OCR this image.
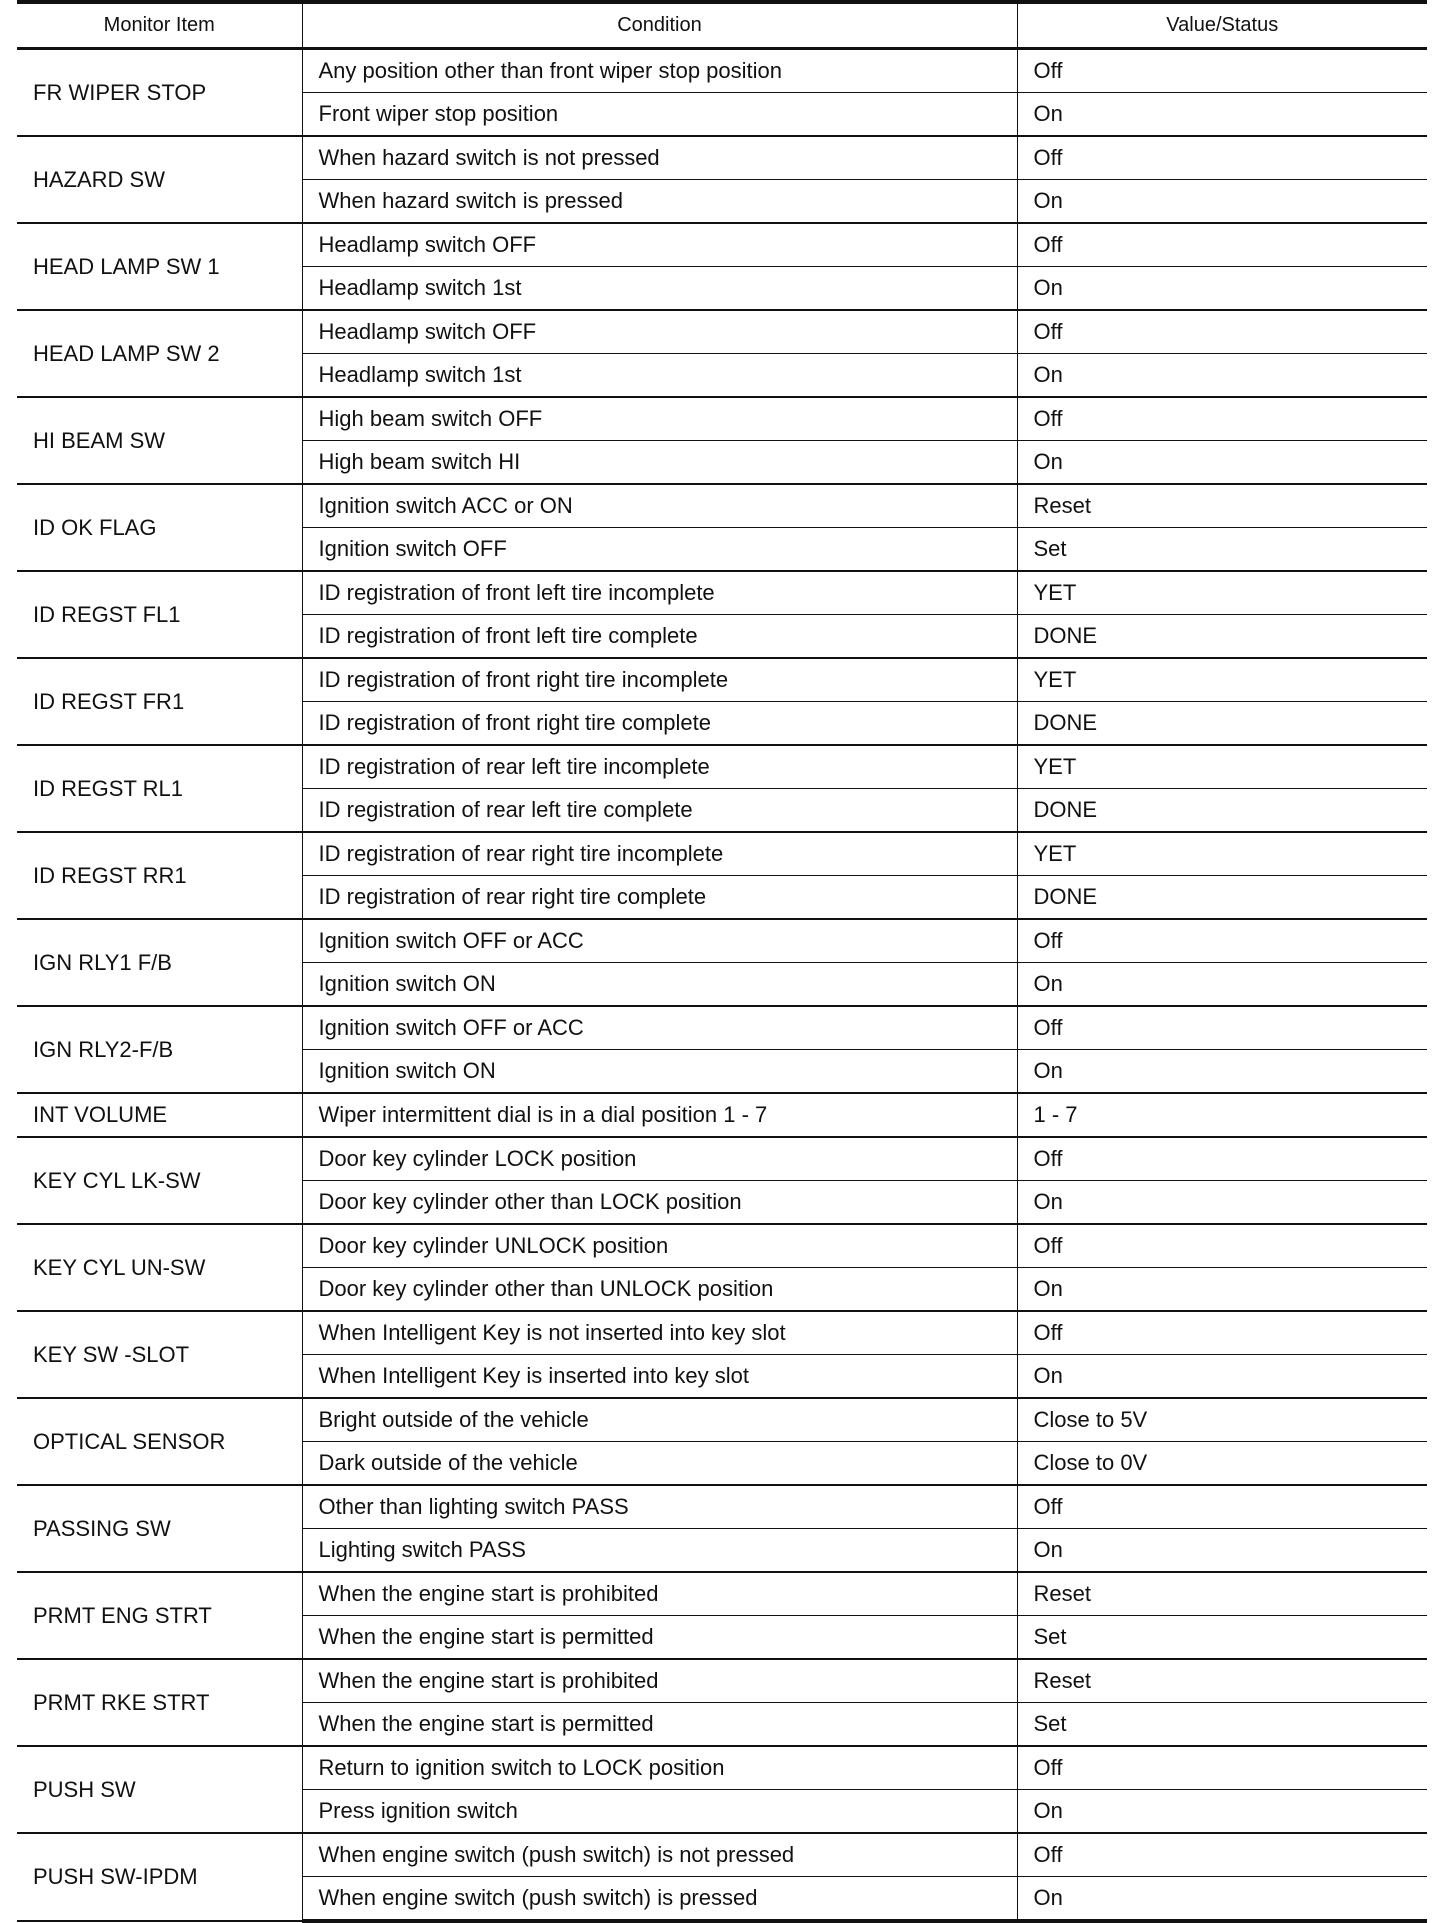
Monitor Item	Condition	Value/Status
FR WIPER STOP	Any position other than front wiper stop position	Off
	Front wiper stop position	On
HAZARD SW	When hazard switch is not pressed	Off
	When hazard switch is pressed	On
HEAD LAMP SW 1	Headlamp switch OFF	Off
	Headlamp switch 1st	On
HEAD LAMP SW 2	Headlamp switch OFF	Off
	Headlamp switch 1st	On
HI BEAM SW	High beam switch OFF	Off
	High beam switch HI	On
ID OK FLAG	Ignition switch ACC or ON	Reset
	Ignition switch OFF	Set
ID REGST FL1	ID registration of front left tire incomplete	YET
	ID registration of front left tire complete	DONE
ID REGST FR1	ID registration of front right tire incomplete	YET
	ID registration of front right tire complete	DONE
ID REGST RL1	ID registration of rear left tire incomplete	YET
	ID registration of rear left tire complete	DONE
ID REGST RR1	ID registration of rear right tire incomplete	YET
	ID registration of rear right tire complete	DONE
IGN RLY1 F/B	Ignition switch OFF or ACC	Off
	Ignition switch ON	On
IGN RLY2-F/B	Ignition switch OFF or ACC	Off
	Ignition switch ON	On
INT VOLUME	Wiper intermittent dial is in a dial position 1 - 7	1 - 7
KEY CYL LK-SW	Door key cylinder LOCK position	Off
	Door key cylinder other than LOCK position	On
KEY CYL UN-SW	Door key cylinder UNLOCK position	Off
	Door key cylinder other than UNLOCK position	On
KEY SW -SLOT	When Intelligent Key is not inserted into key slot	Off
	When Intelligent Key is inserted into key slot	On
OPTICAL SENSOR	Bright outside of the vehicle	Close to 5V
	Dark outside of the vehicle	Close to 0V
PASSING SW	Other than lighting switch PASS	Off
	Lighting switch PASS	On
PRMT ENG STRT	When the engine start is prohibited	Reset
	When the engine start is permitted	Set
PRMT RKE STRT	When the engine start is prohibited	Reset
	When the engine start is permitted	Set
PUSH SW	Return to ignition switch to LOCK position	Off
	Press ignition switch	On
PUSH SW-IPDM	When engine switch (push switch) is not pressed	Off
	When engine switch (push switch) is pressed	On
